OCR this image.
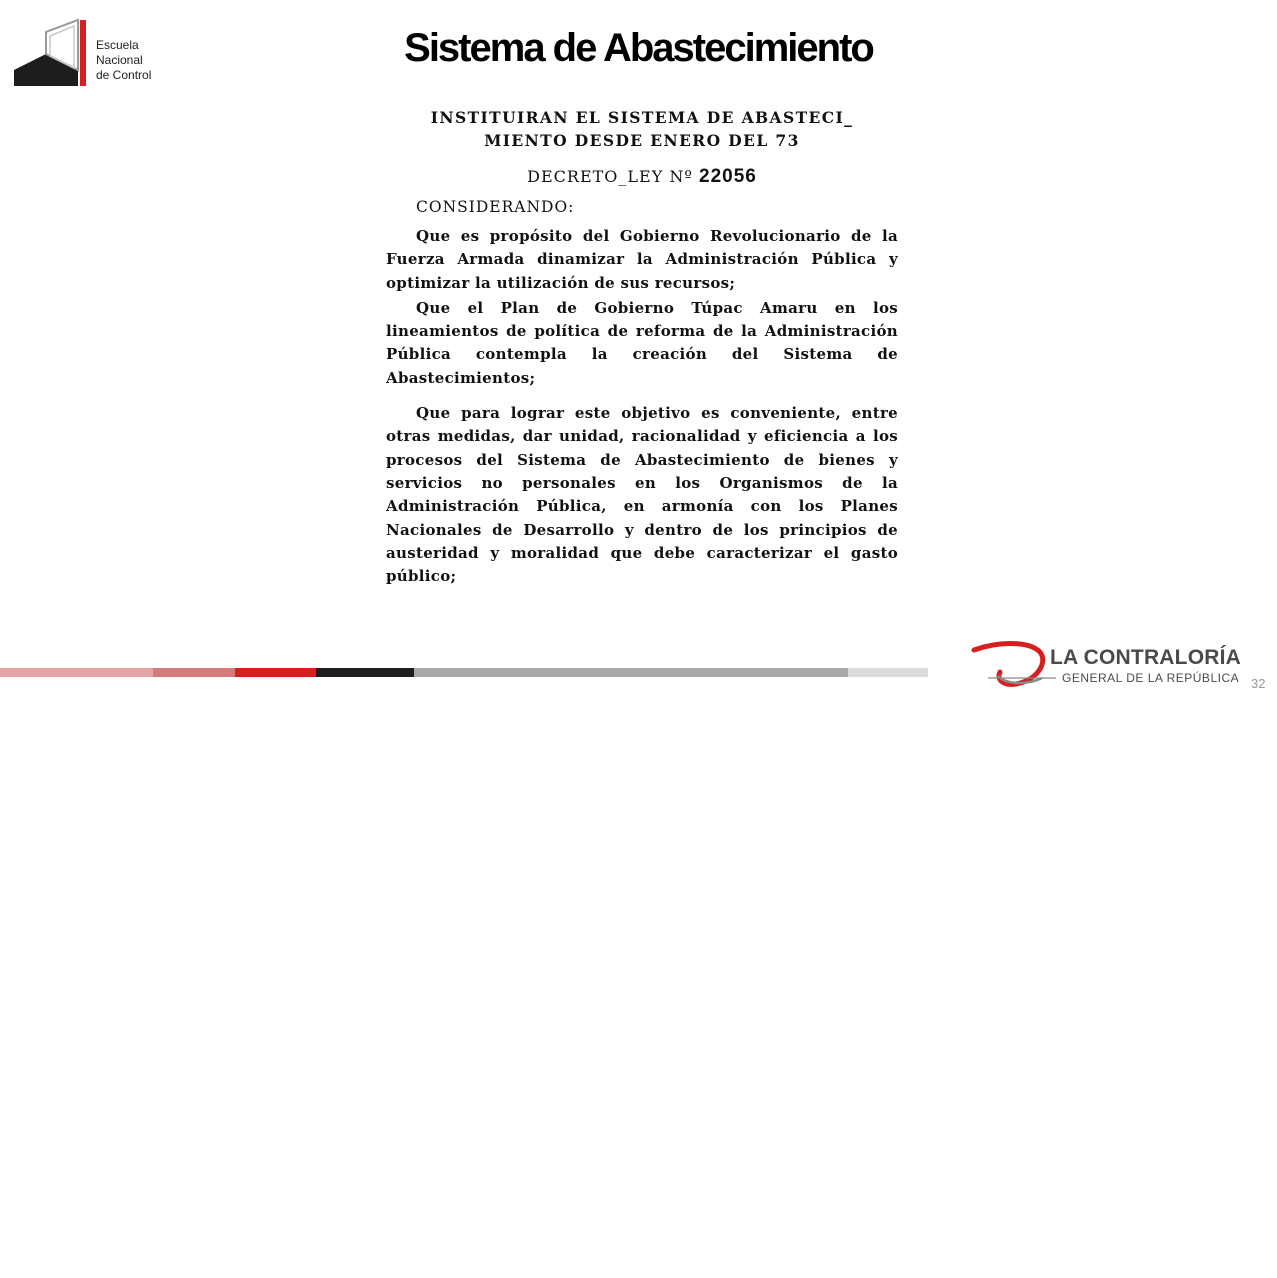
Escuela
Nacional
de Control
Sistema de Abastecimiento
INSTITUIRAN EL SISTEMA DE ABASTECI_
MIENTO DESDE ENERO DEL 73
DECRETO_LEY Nº 22056
CONSIDERANDO:
Que es propósito del Gobierno Revolucionario de la Fuerza Armada dinamizar la Administración Pública y optimizar la utilización de sus recursos;
Que el Plan de Gobierno Túpac Amaru en los lineamientos de política de reforma de la Administración Pública contempla la creación del Sistema de Abastecimientos;
Que para lograr este objetivo es conveniente, entre otras medidas, dar unidad, racionalidad y eficiencia a los procesos del Sistema de Abastecimiento de bienes y servicios no personales en los Organismos de la Administración Pública, en armonía con los Planes Nacionales de Desarrollo y dentro de los principios de austeridad y moralidad que debe caracterizar el gasto público;
LA CONTRALORÍA
GENERAL DE LA REPÚBLICA 32
